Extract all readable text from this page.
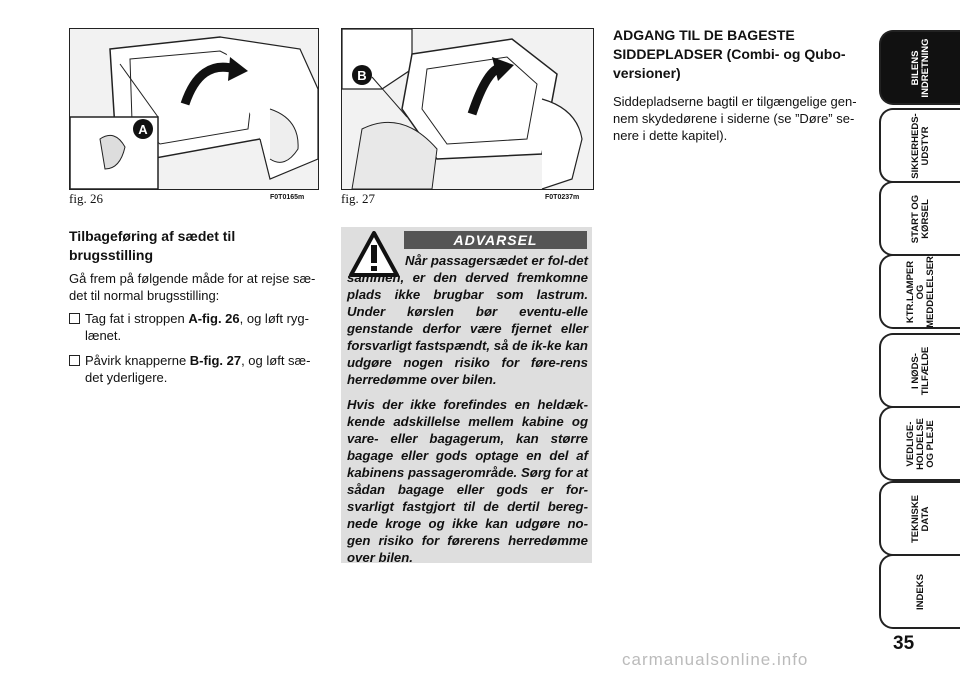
A
fig. 26	F0T0165m
B
fig. 27	F0T0237m
Tilbageføring af sædet til brugsstilling

Gå frem på følgende måde for at rejse sæ-det til normal brugsstilling:

Tag fat i stroppen A-fig. 26, og løft ryg-lænet.
Påvirk knapperne B-fig. 27, og løft sæ-det yderligere.
ADVARSEL

Når passagersædet er fol-det sammen, er den derved fremkomne plads ikke brugbar som lastrum. Under kørslen bør eventu-elle genstande derfor være fjernet eller forsvarligt fastspændt, så de ik-ke kan udgøre nogen risiko for føre-rens herredømme over bilen.

Hvis der ikke forefindes en heldæk-kende adskillelse mellem kabine og vare- eller bagagerum, kan større bagage eller gods optage en del af kabinens passagerområde. Sørg for at sådan bagage eller gods er for-svarligt fastgjort til de dertil bereg-nede kroge og ikke kan udgøre no-gen risiko for førerens herredømme over bilen.

ADGANG TIL DE BAGESTE SIDDEPLADSER (Combi- og Qubo-versioner)

Siddepladserne bagtil er tilgængelige gen-nem skydedørene i siderne (se ”Døre” se-nere i dette kapitel).

BILENS
INDRETNING
SIKKERHEDS-
UDSTYR
START OG
KØRSEL
KTR.LAMPER
OG
MEDDELELSER
I NØDS-
TILFÆLDE
VEDLIGE-
HOLDELSE
OG PLEJE
TEKNISKE
DATA
INDEKS
35
carmanualsonline.info
